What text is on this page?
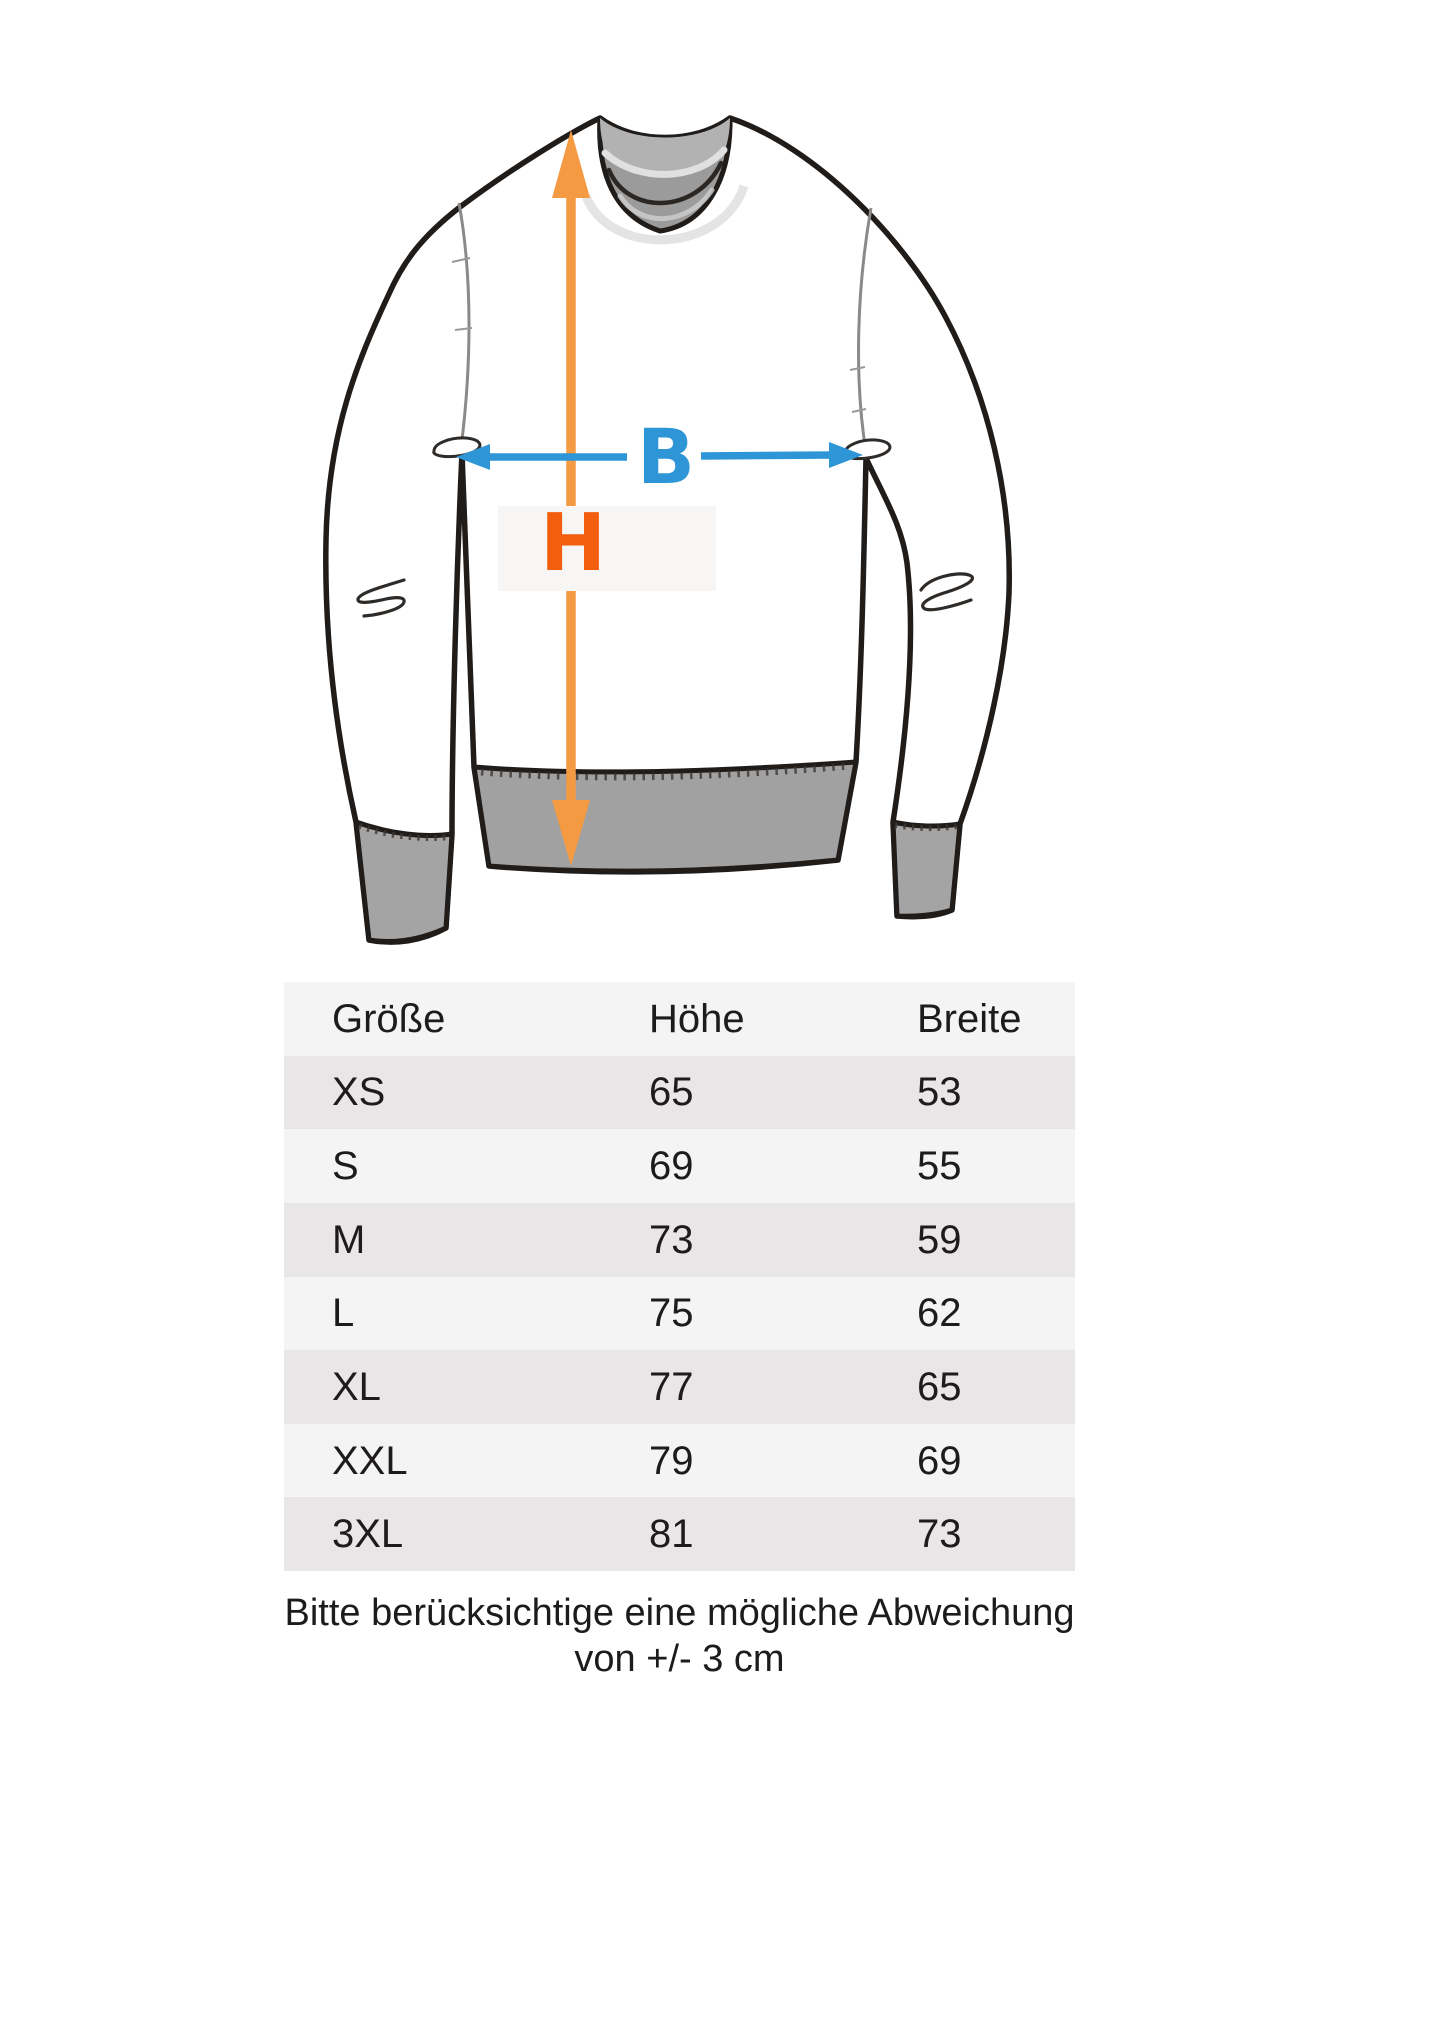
H
B
Größe	Höhe	Breite
XS	65	53
S	69	55
M	73	59
L	75	62
XL	77	65
XXL	79	69
3XL	81	73
Bitte berücksichtige eine mögliche Abweichung von +/- 3 cm
